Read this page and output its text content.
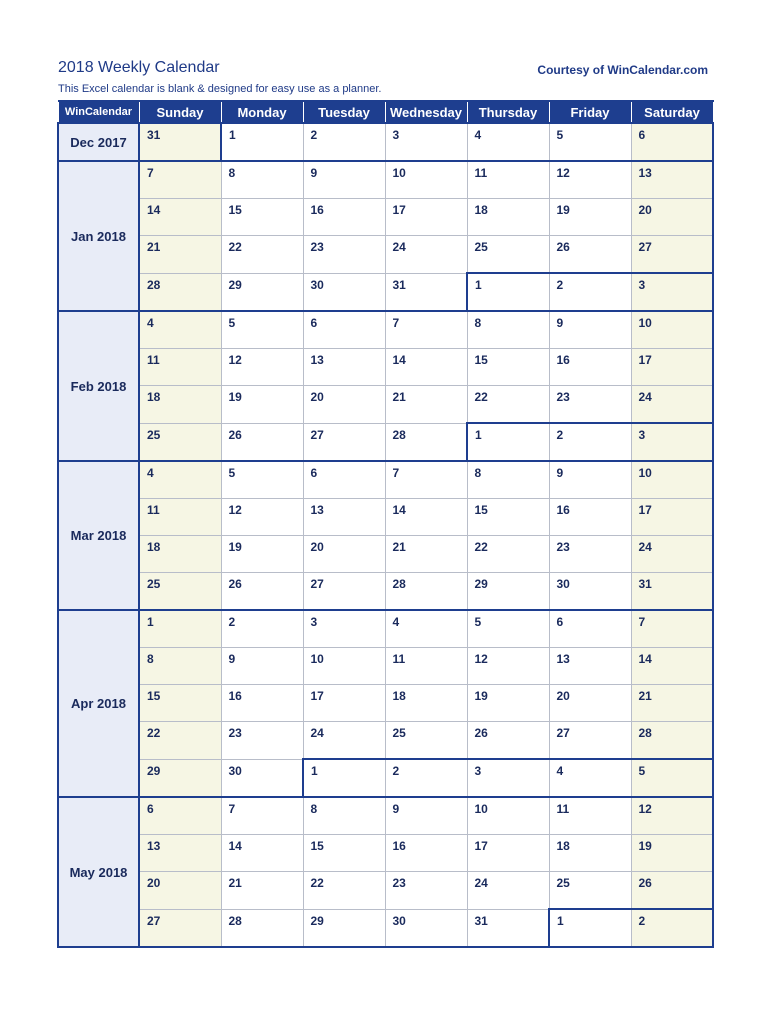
2018 Weekly Calendar	Courtesy of WinCalendar.com
This Excel calendar is blank & designed for easy use as a planner.
WinCalendar	Sunday	Monday	Tuesday	Wednesday	Thursday	Friday	Saturday
Dec 2017	31	1	2	3	4	5	6

Jan 2018	7	8	9	10	11	12	13

	14	15	16	17	18	19	20

	21	22	23	24	25	26	27

	28	29	30	31	1	2	3

Feb 2018	4	5	6	7	8	9	10

	11	12	13	14	15	16	17

	18	19	20	21	22	23	24

	25	26	27	28	1	2	3

Mar 2018	4	5	6	7	8	9	10

	11	12	13	14	15	16	17

	18	19	20	21	22	23	24

	25	26	27	28	29	30	31

Apr 2018	1	2	3	4	5	6	7

	8	9	10	11	12	13	14

	15	16	17	18	19	20	21

	22	23	24	25	26	27	28

	29	30	1	2	3	4	5

May 2018	6	7	8	9	10	11	12

	13	14	15	16	17	18	19

	20	21	22	23	24	25	26

	27	28	29	30	31	1	2
